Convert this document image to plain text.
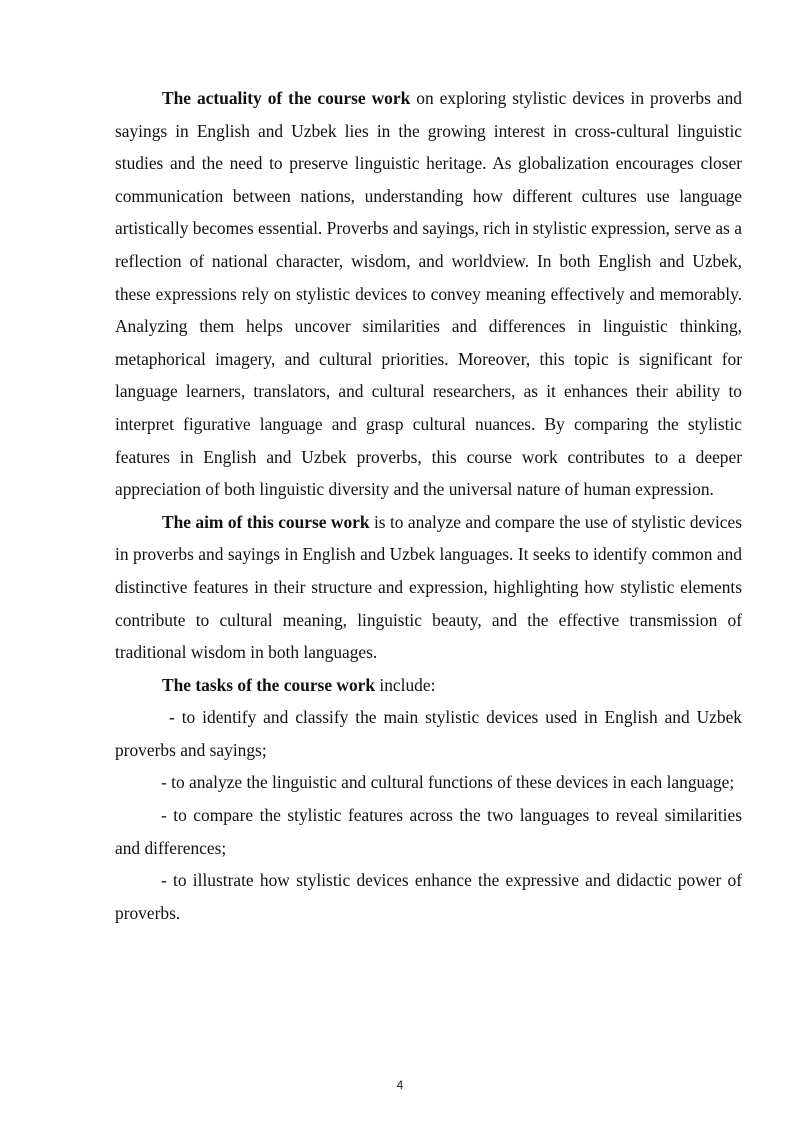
The actuality of the course work on exploring stylistic devices in proverbs and sayings in English and Uzbek lies in the growing interest in cross-cultural linguistic studies and the need to preserve linguistic heritage. As globalization encourages closer communication between nations, understanding how different cultures use language artistically becomes essential. Proverbs and sayings, rich in stylistic expression, serve as a reflection of national character, wisdom, and worldview. In both English and Uzbek, these expressions rely on stylistic devices to convey meaning effectively and memorably. Analyzing them helps uncover similarities and differences in linguistic thinking, metaphorical imagery, and cultural priorities. Moreover, this topic is significant for language learners, translators, and cultural researchers, as it enhances their ability to interpret figurative language and grasp cultural nuances. By comparing the stylistic features in English and Uzbek proverbs, this course work contributes to a deeper appreciation of both linguistic diversity and the universal nature of human expression.

The aim of this course work is to analyze and compare the use of stylistic devices in proverbs and sayings in English and Uzbek languages. It seeks to identify common and distinctive features in their structure and expression, highlighting how stylistic elements contribute to cultural meaning, linguistic beauty, and the effective transmission of traditional wisdom in both languages.

The tasks of the course work include:

- to identify and classify the main stylistic devices used in English and Uzbek proverbs and sayings;

- to analyze the linguistic and cultural functions of these devices in each language;

- to compare the stylistic features across the two languages to reveal similarities and differences;

- to illustrate how stylistic devices enhance the expressive and didactic power of proverbs.

4
